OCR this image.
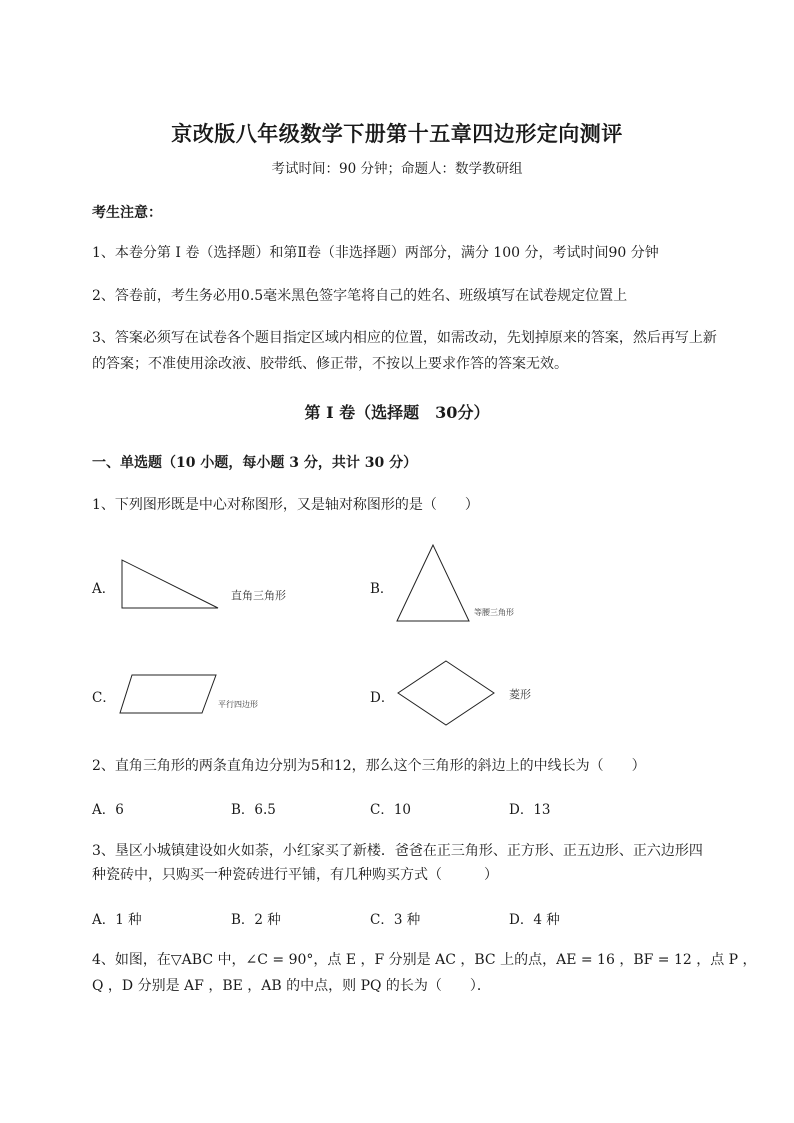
京改版八年级数学下册第十五章四边形定向测评
考试时间：90 分钟；命题人：数学教研组
考生注意：
1、本卷分第 I 卷（选择题）和第Ⅱ卷（非选择题）两部分，满分 100 分，考试时间90 分钟
2、答卷前，考生务必用0.5毫米黑色签字笔将自己的姓名、班级填写在试卷规定位置上
3、答案必须写在试卷各个题目指定区域内相应的位置，如需改动，先划掉原来的答案，然后再写上新
的答案；不准使用涂改液、胶带纸、修正带，不按以上要求作答的答案无效。
第 I 卷（选择题　30分）
一、单选题（10 小题，每小题 3 分，共计 30 分）
1、下列图形既是中心对称图形，又是轴对称图形的是（　　）
A．	直角三角形	B．
等腰三角形
C．	平行四边形	D．	菱形
2、直角三角形的两条直角边分别为5和12，那么这个三角形的斜边上的中线长为（　　）
A．6	B．6.5	C．10	D．13
3、垦区小城镇建设如火如荼，小红家买了新楼．爸爸在正三角形、正方形、正五边形、正六边形四
种瓷砖中，只购买一种瓷砖进行平铺，有几种购买方式（　　　）
A．1 种	B．2 种	C．3 种	D．4 种
4、如图，在▽ABC 中，∠C = 90°，点 E ，F 分别是 AC ，BC 上的点，AE = 16 ，BF = 12 ，点 P ，
Q ，D 分别是 AF ，BE ，AB 的中点，则 PQ 的长为（　　）．
